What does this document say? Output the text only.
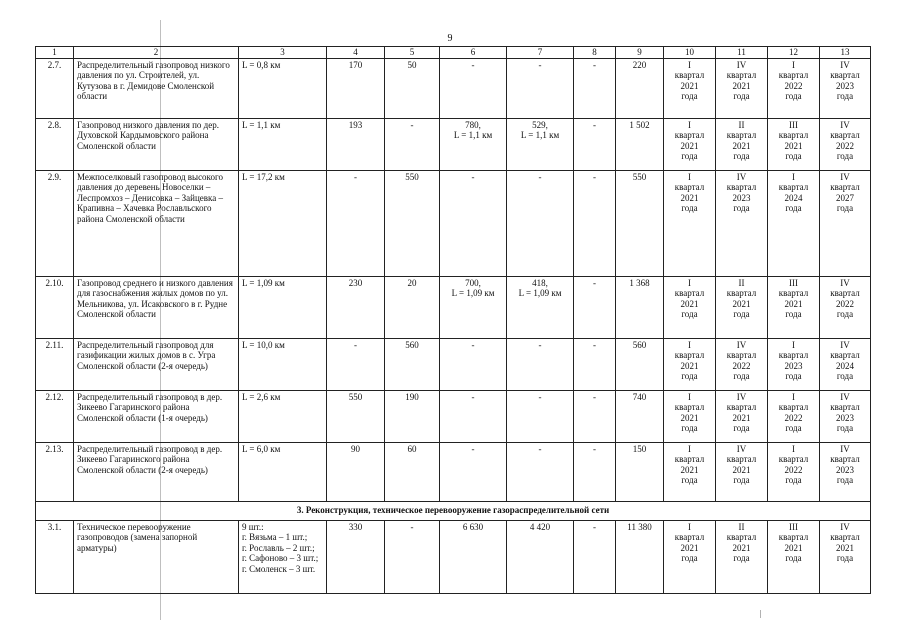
9
1	2	3	4	5	6	7	8	9	10	11	12	13
2.7.	Распределительный газопровод низкого давления по ул. Строителей, ул. Кутузова в г. Демидове Смоленской области	L = 0,8 км	170	50	-	-	-	220	I
квартал
2021
года	IV
квартал
2021
года	I
квартал
2022
года	IV
квартал
2023
года
2.8.	Газопровод низкого давления по дер. Духовской Кардымовского района Смоленской области	L = 1,1 км	193	-	780,
L = 1,1 км	529,
L = 1,1 км	-	1 502	I
квартал
2021
года	II
квартал
2021
года	III
квартал
2021
года	IV
квартал
2022
года
2.9.	Межпоселковый газопровод высокого давления до деревень Новоселки – Леспромхоз – Денисовка – Зайцевка – Крапивна – Хачевка Рославльского района Смоленской области	L = 17,2 км	-	550	-	-	-	550	I
квартал
2021
года	IV
квартал
2023
года	I
квартал
2024
года	IV
квартал
2027
года
2.10.	Газопровод среднего и низкого давления для газоснабжения жилых домов по ул. Мельникова, ул. Исаковского в г. Рудне Смоленской области	L = 1,09 км	230	20	700,
L = 1,09 км	418,
L = 1,09 км	-	1 368	I
квартал
2021
года	II
квартал
2021
года	III
квартал
2021
года	IV
квартал
2022
года
2.11.	Распределительный газопровод для газификации жилых домов в с. Угра Смоленской области (2-я очередь)	L = 10,0 км	-	560	-	-	-	560	I
квартал
2021
года	IV
квартал
2022
года	I
квартал
2023
года	IV
квартал
2024
года
2.12.	Распределительный газопровод в дер. Зикеево Гагаринского района Смоленской области (1-я очередь)	L = 2,6 км	550	190	-	-	-	740	I
квартал
2021
года	IV
квартал
2021
года	I
квартал
2022
года	IV
квартал
2023
года
2.13.	Распределительный газопровод в дер. Зикеево Гагаринского района Смоленской области (2-я очередь)	L = 6,0 км	90	60	-	-	-	150	I
квартал
2021
года	IV
квартал
2021
года	I
квартал
2022
года	IV
квартал
2023
года
3. Реконструкция, техническое перевооружение газораспределительной сети												
3.1.	Техническое перевооружение газопроводов (замена запорной арматуры)	9 шт.:
г. Вязьма – 1 шт.;
г. Рославль – 2 шт.;
г. Сафоново – 3 шт.;
г. Смоленск – 3 шт.	330	-	6 630	4 420	-	11 380	I
квартал
2021
года	II
квартал
2021
года	III
квартал
2021
года	IV
квартал
2021
года
